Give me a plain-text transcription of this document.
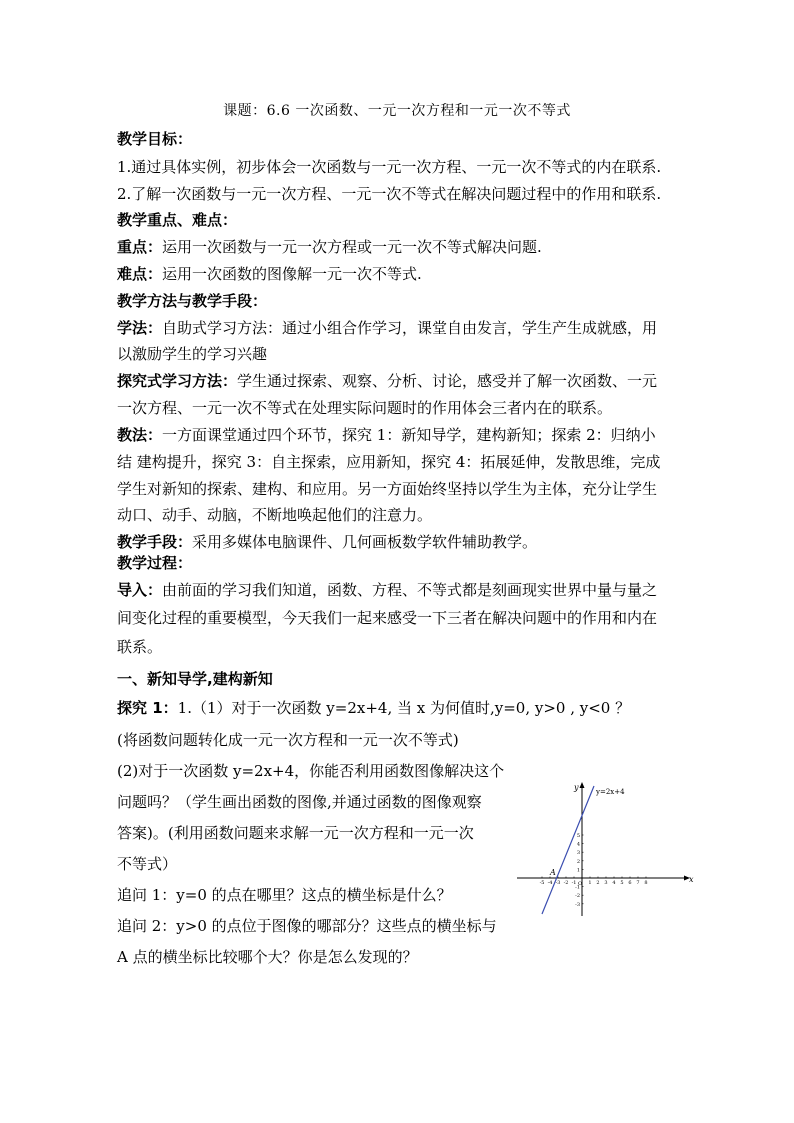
课题：6.6 一次函数、一元一次方程和一元一次不等式
教学目标：
1.通过具体实例，初步体会一次函数与一元一次方程、一元一次不等式的内在联系.
2.了解一次函数与一元一次方程、一元一次不等式在解决问题过程中的作用和联系.
教学重点、难点：
重点：运用一次函数与一元一次方程或一元一次不等式解决问题.
难点：运用一次函数的图像解一元一次不等式.
教学方法与教学手段：
学法：自助式学习方法：通过小组合作学习，课堂自由发言，学生产生成就感，用
以激励学生的学习兴趣
探究式学习方法：学生通过探索、观察、分析、讨论，感受并了解一次函数、一元
一次方程、一元一次不等式在处理实际问题时的作用体会三者内在的联系。
教法：一方面课堂通过四个环节，探究 1：新知导学，建构新知；探索 2：归纳小
结 建构提升，探究 3：自主探索，应用新知，探究 4：拓展延伸，发散思维，完成
学生对新知的探索、建构、和应用。另一方面始终坚持以学生为主体，充分让学生
动口、动手、动脑，不断地唤起他们的注意力。
教学手段：采用多媒体电脑课件、几何画板数学软件辅助教学。
教学过程：
导入：由前面的学习我们知道，函数、方程、不等式都是刻画现实世界中量与量之
间变化过程的重要模型，今天我们一起来感受一下三者在解决问题中的作用和内在
联系。
一、新知导学,建构新知
探究 1：1.（1）对于一次函数 y=2x+4, 当 x 为何值时,y=0, y>0 , y<0 ？
(将函数问题转化成一元一次方程和一元一次不等式)
(2)对于一次函数 y=2x+4，你能否利用函数图像解决这个
问题吗？（学生画出函数的图像,并通过函数的图像观察
答案)。(利用函数问题来求解一元一次方程和一元一次
不等式）
追问 1：y=0 的点在哪里？这点的横坐标是什么？
追问 2：y>0 的点位于图像的哪部分？这些点的横坐标与
A 点的横坐标比较哪个大？你是怎么发现的？
-5 -4 -3 -2 -1 1 2 3 4 5 6 7 8
5
4
3
2
1
-1
-2
-3
x
y y=2x+4
A
O
